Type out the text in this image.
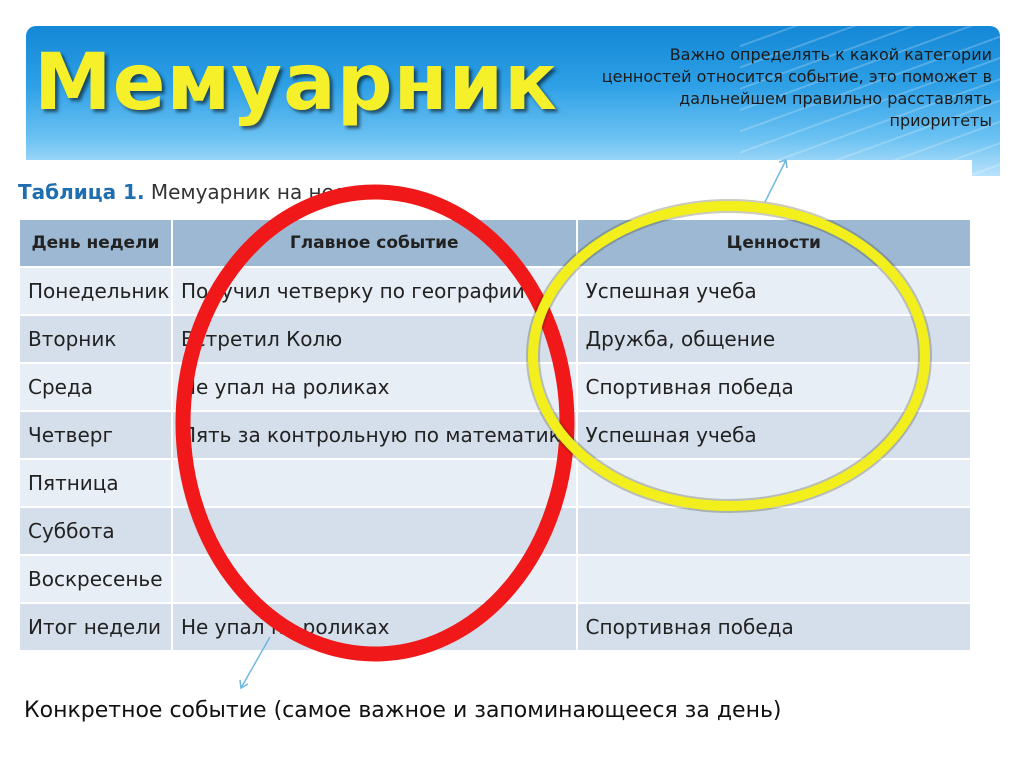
Мемуарник	Важно определять к какой категории ценностей относится событие, это поможет в дальнейшем правильно расставлять приоритеты
Таблица 1. Мемуарник на неделю
День недели	Главное событие	Ценности
Понедельник	Получил четверку по географии	Успешная учеба
Вторник	Встретил Колю	Дружба, общение
Среда	Не упал на роликах	Спортивная победа
Четверг	Пять за контрольную по математике	Успешная учеба
Пятница		
Суббота		
Воскресенье		
Итог недели	Не упал на роликах	Спортивная победа
Конкретное событие (самое важное и запоминающееся за день)
